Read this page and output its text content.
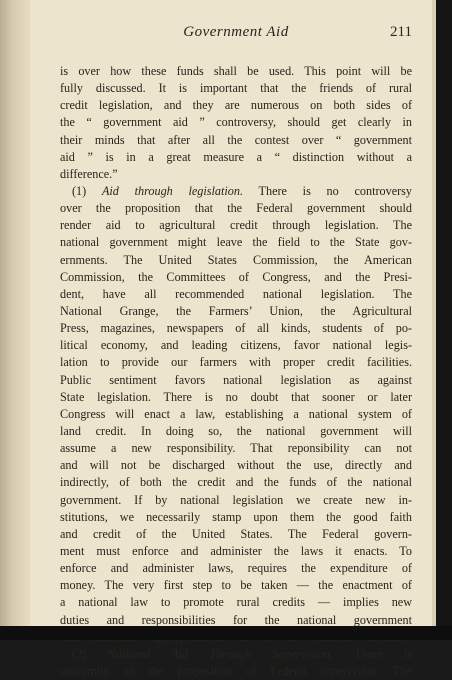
Government Aid	211
is over how these funds shall be used. This point will be
fully discussed. It is important that the friends of rural
credit legislation, and they are numerous on both sides of
the “ government aid ” controversy, should get clearly in
their minds that after all the contest over “ government
aid ” is in a great measure a “ distinction without a
difference.”
(1) Aid through legislation. There is no controversy
over the proposition that the Federal government should
render aid to agricultural credit through legislation. The
national government might leave the field to the State gov-
ernments. The United States Commission, the American
Commission, the Committees of Congress, and the Presi-
dent, have all recommended national legislation. The
National Grange, the Farmers’ Union, the Agricultural
Press, magazines, newspapers of all kinds, students of po-
litical economy, and leading citizens, favor national legis-
lation to provide our farmers with proper credit facilities.
Public sentiment favors national legislation as against
State legislation. There is no doubt that sooner or later
Congress will enact a law, establishing a national system of
land credit. In doing so, the national government will
assume a new responsibility. That reponsibility can not
and will not be discharged without the use, directly and
indirectly, of both the credit and the funds of the national
government. If by national legislation we create new in-
stitutions, we necessarily stamp upon them the good faith
and credit of the United States. The Federal govern-
ment must enforce and administer the laws it enacts. To
enforce and administer laws, requires the expenditure of
money. The very first step to be taken — the enactment of
a national law to promote rural credits — implies new
duties and responsibilities for the national government
(2) National Aid Through Supervision. There is
unanimity on the proposition of Federal supervision. The
